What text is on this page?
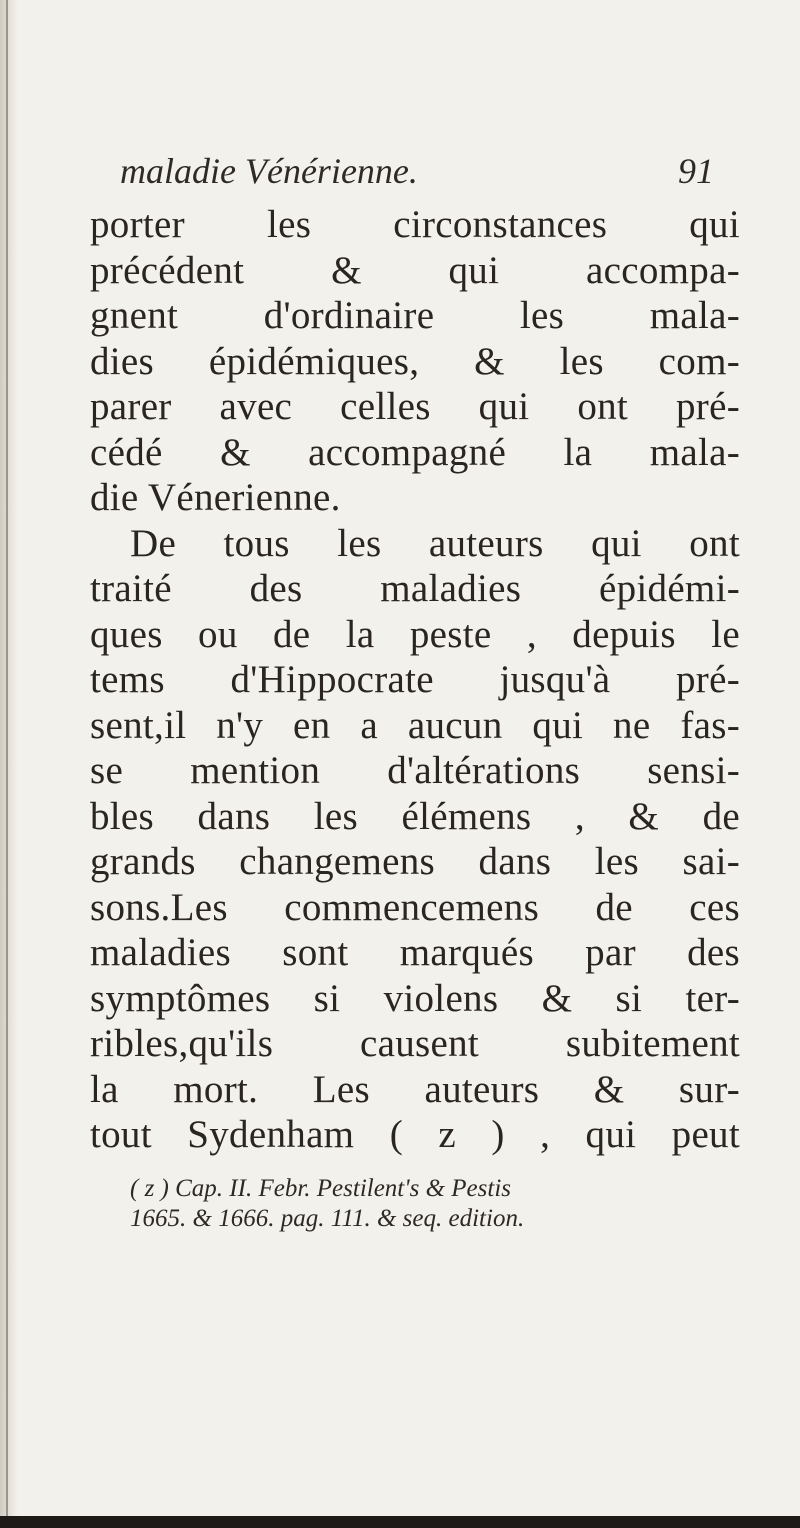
maladie Vénérienne.	91
porter les circonstances qui
précédent & qui accompa-
gnent d'ordinaire les mala-
dies épidémiques, & les com-
parer avec celles qui ont pré-
cédé & accompagné la mala-
die Vénerienne.
De tous les auteurs qui ont
traité des maladies épidémi-
ques ou de la peste , depuis le
tems d'Hippocrate jusqu'à pré-
sent,il n'y en a aucun qui ne fas-
se mention d'altérations sensi-
bles dans les élémens , & de
grands changemens dans les sai-
sons.Les commencemens de ces
maladies sont marqués par des
symptômes si violens & si ter-
ribles,qu'ils causent subitement
la mort. Les auteurs & sur-
tout Sydenham ( z ) , qui peut
( z ) Cap. II. Febr. Pestilent's & Pestis
1665. & 1666. pag. 111. & seq. edition.
